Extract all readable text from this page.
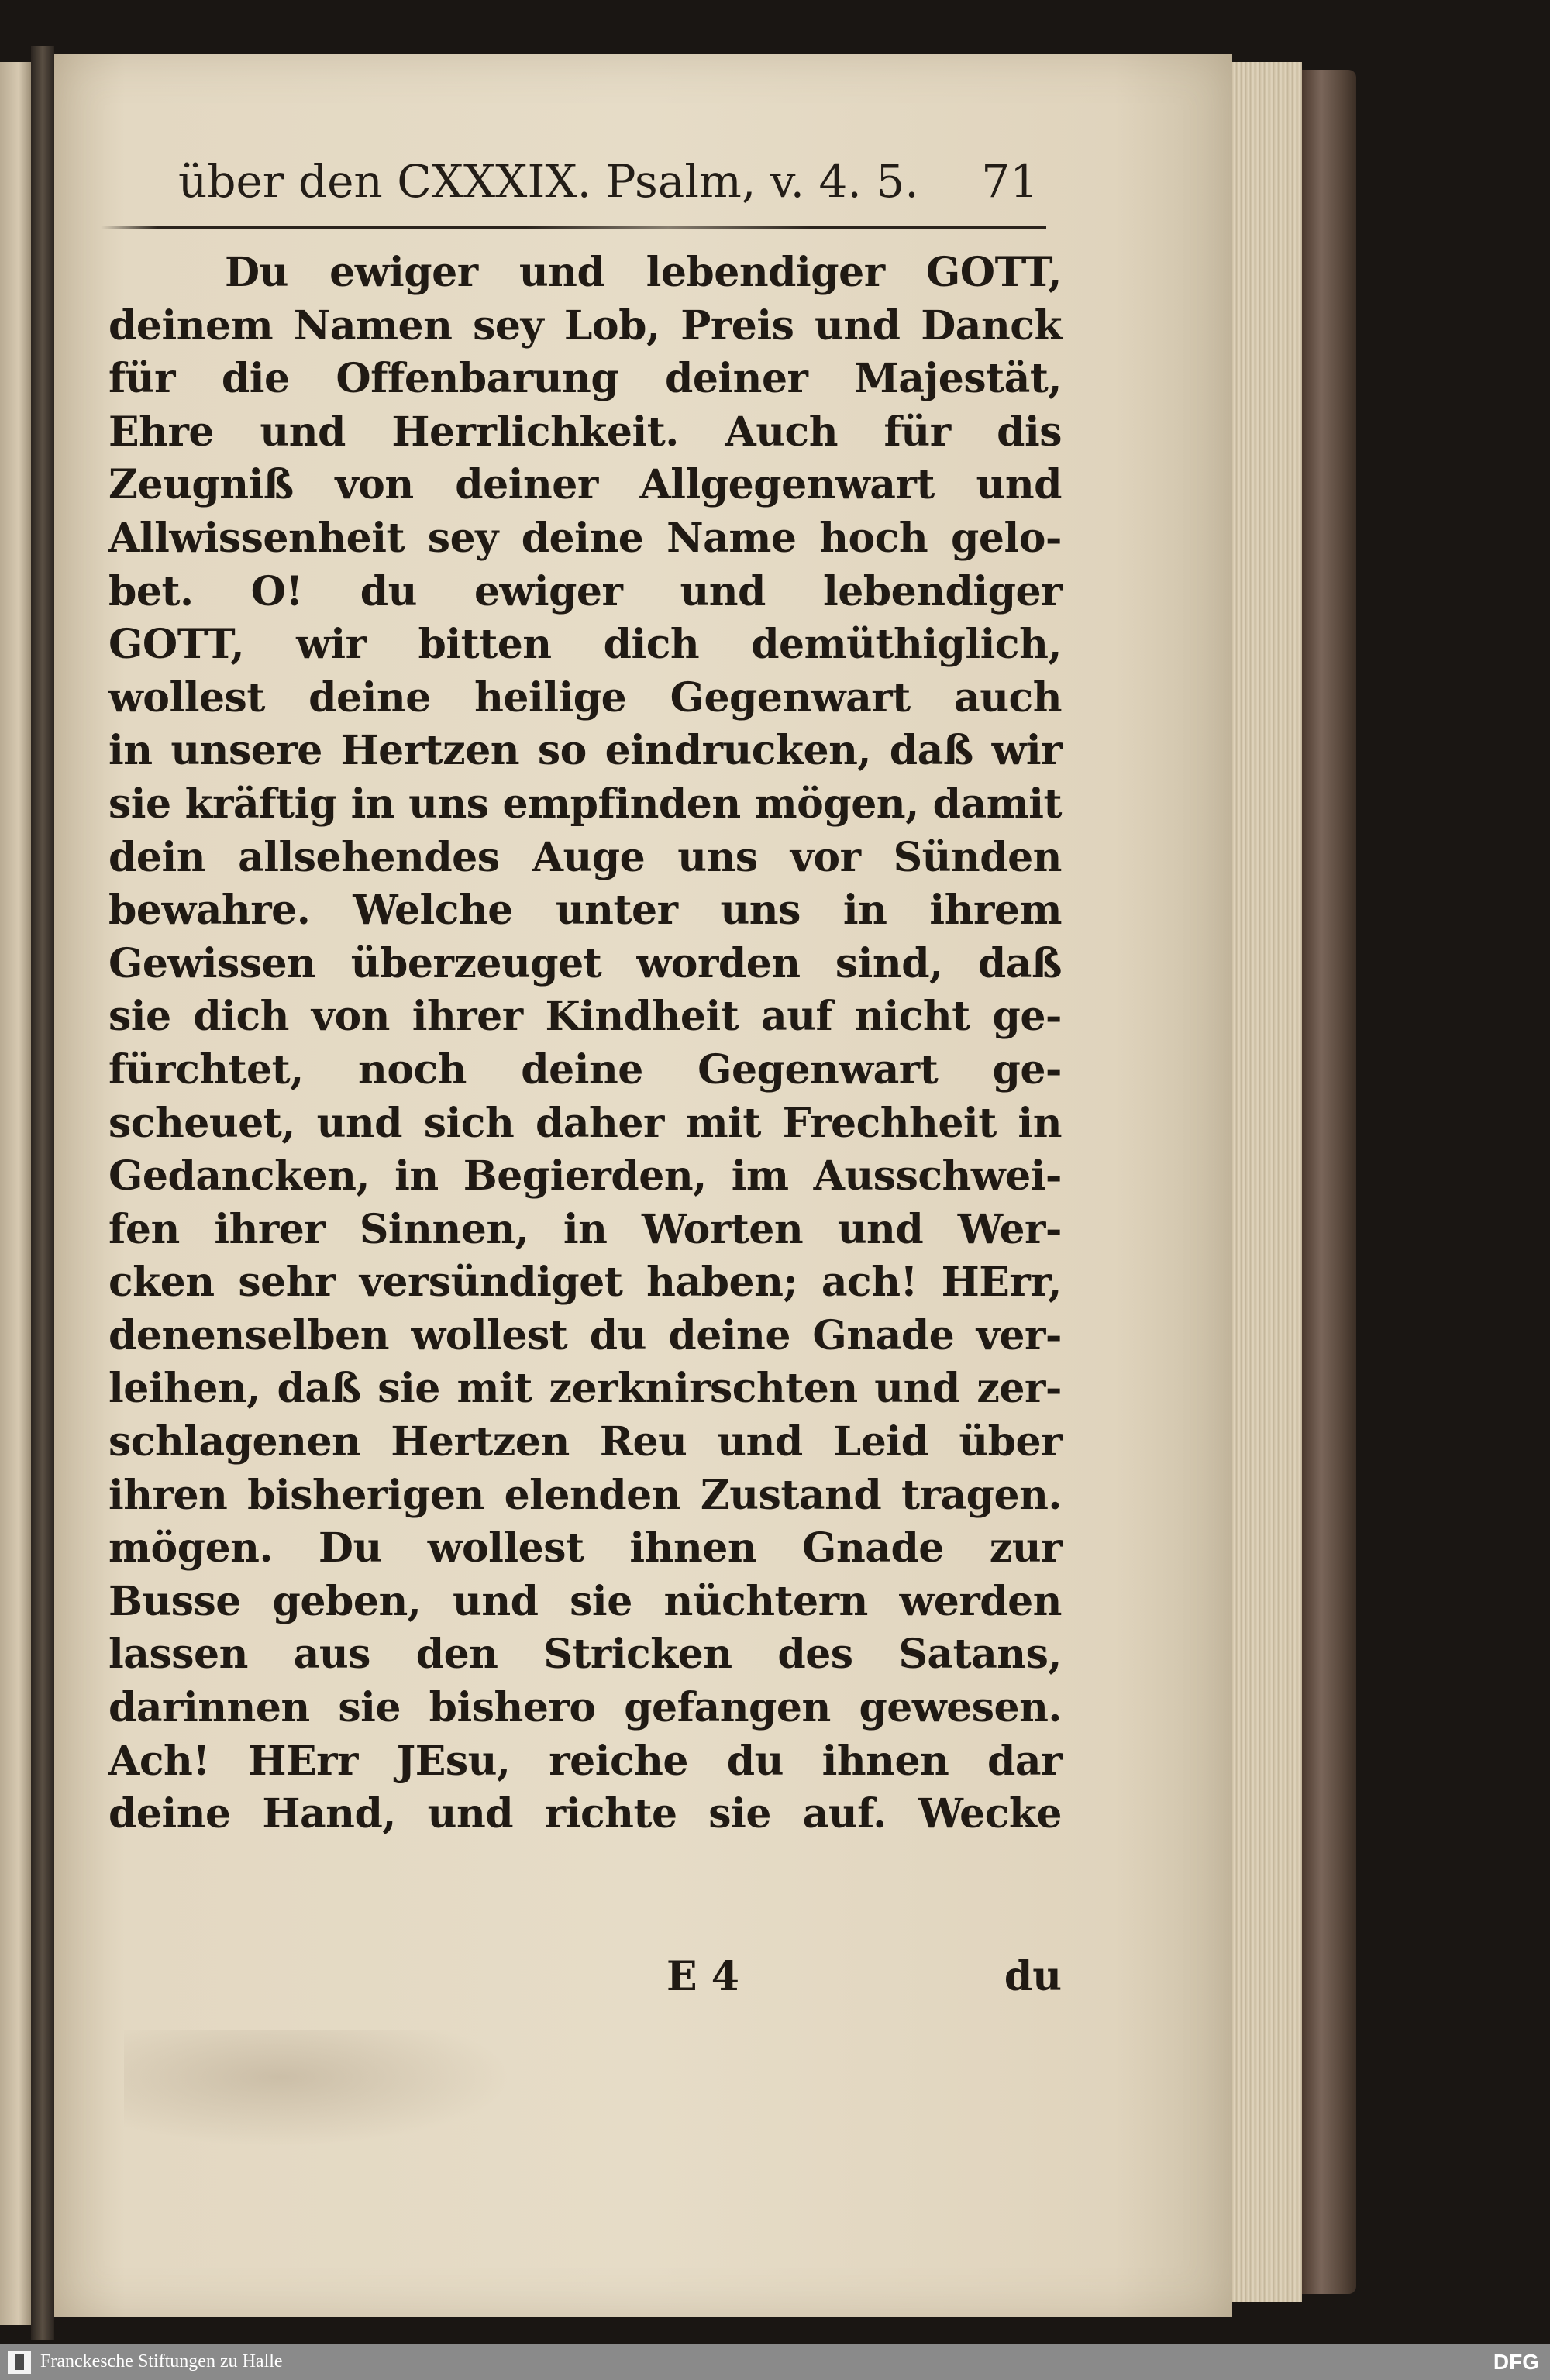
über den CXXXIX. Psalm, v. 4. 5. 71
Du ewiger und lebendiger GOTT,
deinem Namen sey Lob, Preis und Danck
für die Offenbarung deiner Majestät,
Ehre und Herrlichkeit. Auch für dis
Zeugniß von deiner Allgegenwart und
Allwissenheit sey deine Name hoch gelo-
bet. O! du ewiger und lebendiger
GOTT, wir bitten dich demüthiglich,
wollest deine heilige Gegenwart auch
in unsere Hertzen so eindrucken, daß wir
sie kräftig in uns empfinden mögen, damit
dein allsehendes Auge uns vor Sünden
bewahre. Welche unter uns in ihrem
Gewissen überzeuget worden sind, daß
sie dich von ihrer Kindheit auf nicht ge-
fürchtet, noch deine Gegenwart ge-
scheuet, und sich daher mit Frechheit in
Gedancken, in Begierden, im Ausschwei-
fen ihrer Sinnen, in Worten und Wer-
cken sehr versündiget haben; ach! HErr,
denenselben wollest du deine Gnade ver-
leihen, daß sie mit zerknirschten und zer-
schlagenen Hertzen Reu und Leid über
ihren bisherigen elenden Zustand tragen.
mögen. Du wollest ihnen Gnade zur
Busse geben, und sie nüchtern werden
lassen aus den Stricken des Satans,
darinnen sie bishero gefangen gewesen.
Ach! HErr JEsu, reiche du ihnen dar
deine Hand, und richte sie auf. Wecke
E 4	du
Franckesche Stiftungen zu Halle	DFG
